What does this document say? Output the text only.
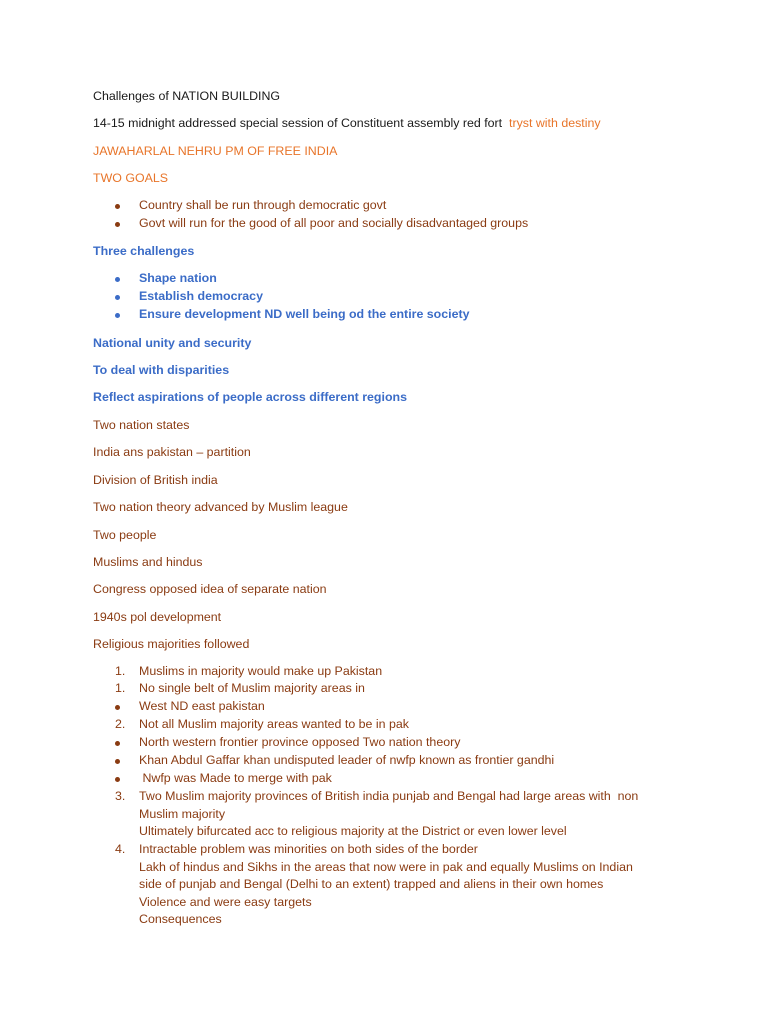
Challenges of NATION BUILDING
14-15 midnight addressed special session of Constituent assembly red fort tryst with destiny
JAWAHARLAL NEHRU PM OF FREE INDIA
TWO GOALS
Country shall be run through democratic govt
Govt will run for the good of all poor and socially disadvantaged groups
Three challenges
Shape nation
Establish democracy
Ensure development ND well being od the entire society
National unity and security
To deal with disparities
Reflect aspirations of people across different regions
Two nation states
India ans pakistan – partition
Division of British india
Two nation theory advanced by Muslim league
Two people
Muslims and hindus
Congress opposed idea of separate nation
1940s pol development
Religious majorities followed
1.	Muslims in majority would make up Pakistan
1.	No single belt of Muslim majority areas in
West ND east pakistan
2.	Not all Muslim majority areas wanted to be in pak
North western frontier province opposed Two nation theory
Khan Abdul Gaffar khan undisputed leader of nwfp known as frontier gandhi
Nwfp was Made to merge with pak
3.	Two Muslim majority provinces of British india punjab and Bengal had large areas with  non
Muslim majority
Ultimately bifurcated acc to religious majority at the District or even lower level
4.	Intractable problem was minorities on both sides of the border
Lakh of hindus and Sikhs in the areas that now were in pak and equally Muslims on Indian
side of punjab and Bengal (Delhi to an extent) trapped and aliens in their own homes
Violence and were easy targets
Consequences
